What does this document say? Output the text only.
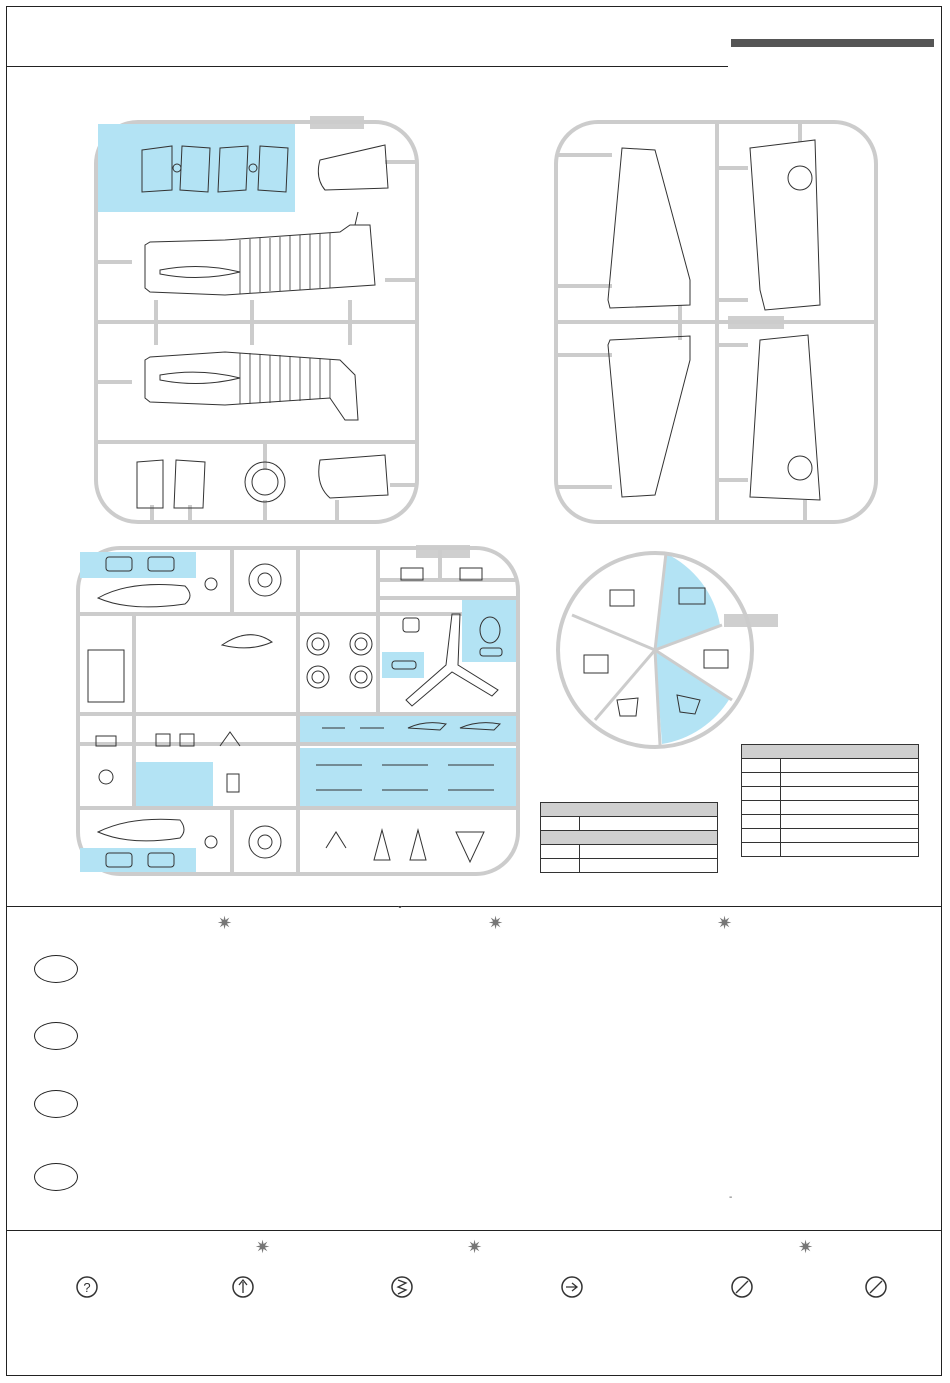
?

✷	✷	✷
✷	✷	✷
ˇ
-
